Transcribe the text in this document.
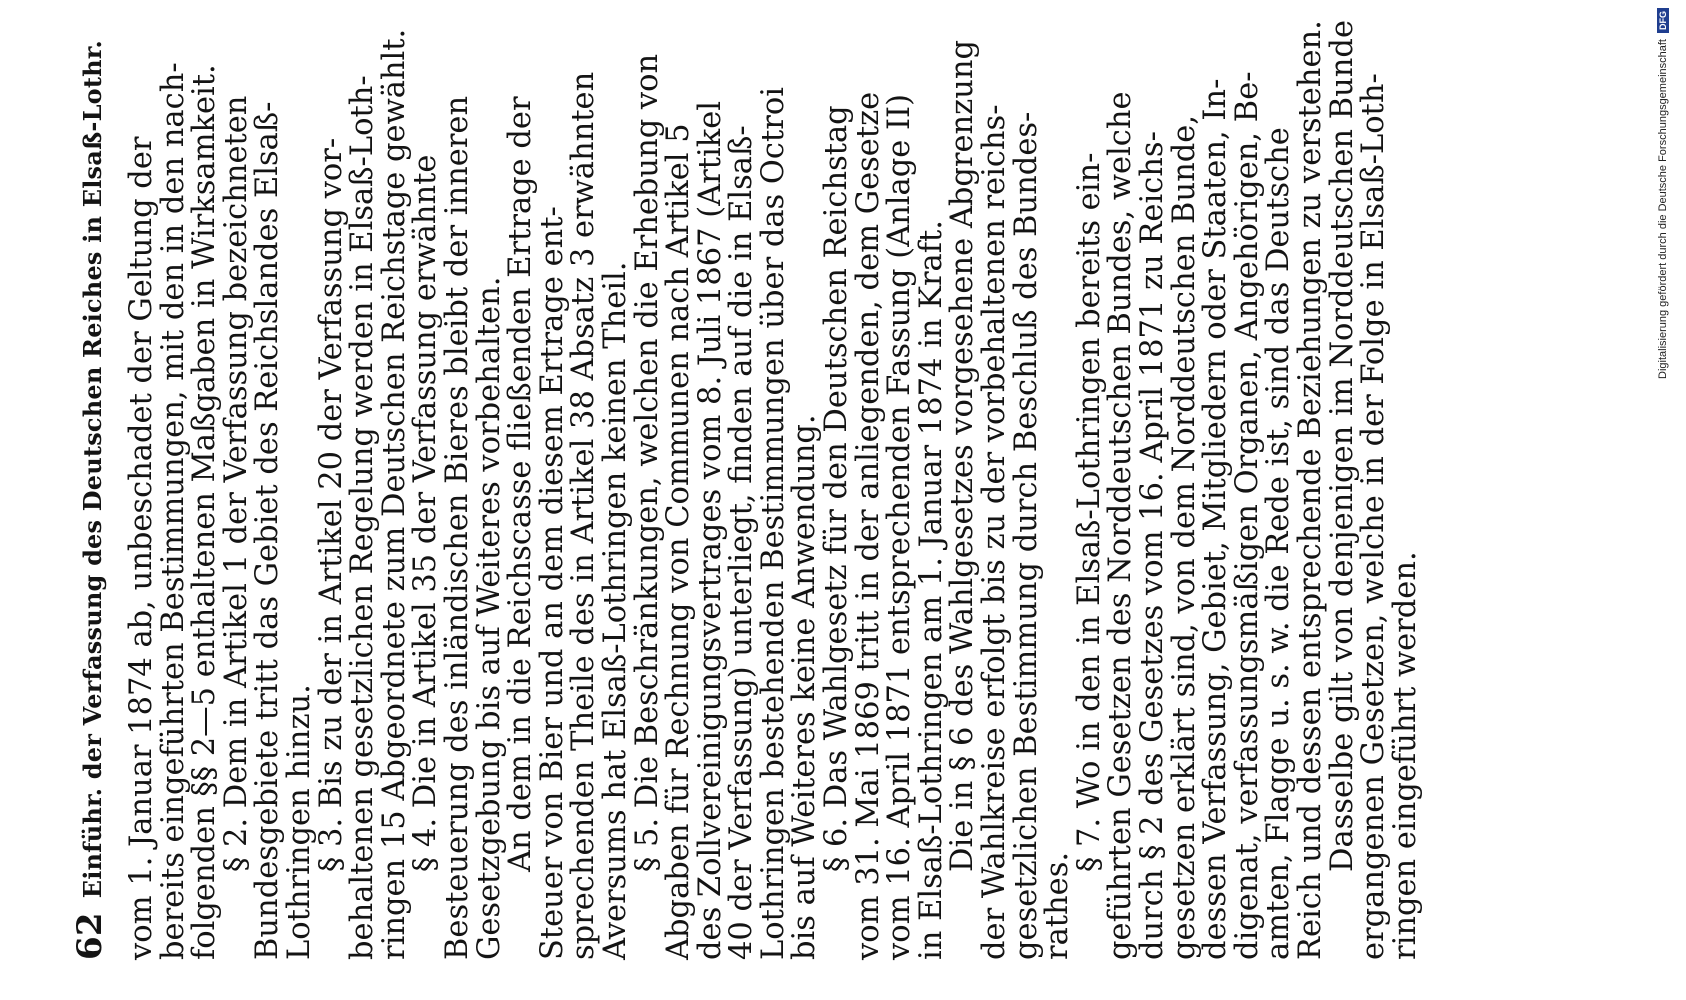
62
Einführ. der Verfassung des Deutschen Reiches in Elsaß-Lothr. vom 1. Januar 1874 ab, unbeschadet der Geltung der
bereits eingeführten Bestimmungen, mit den in den nach-
folgenden §§ 2—5 enthaltenen Maßgaben in Wirksamkeit.

§ 2. Dem in Artikel 1 der Verfassung bezeichneten
Bundesgebiete tritt das Gebiet des Reichslandes Elsaß-
Lothringen hinzu.

§ 3. Bis zu der in Artikel 20 der Verfassung vor-
behaltenen gesetzlichen Regelung werden in Elsaß-Loth-
ringen 15 Abgeordnete zum Deutschen Reichstage gewählt.

§ 4. Die in Artikel 35 der Verfassung erwähnte
Besteuerung des inländischen Bieres bleibt der inneren
Gesetzgebung bis auf Weiteres vorbehalten.

An dem in die Reichscasse fließenden Ertrage der
Steuer von Bier und an dem diesem Ertrage ent-
sprechenden Theile des in Artikel 38 Absatz 3 erwähnten
Aversums hat Elsaß-Lothringen keinen Theil.

§ 5. Die Beschränkungen, welchen die Erhebung von
Abgaben für Rechnung von Communen nach Artikel 5
des Zollvereinigungsvertrages vom 8. Juli 1867 (Artikel
40 der Verfassung) unterliegt, finden auf die in Elsaß-
Lothringen bestehenden Bestimmungen über das Octroi
bis auf Weiteres keine Anwendung.

§ 6. Das Wahlgesetz für den Deutschen Reichstag
vom 31. Mai 1869 tritt in der anliegenden, dem Gesetze
vom 16. April 1871 entsprechenden Fassung (Anlage II)
in Elsaß-Lothringen am 1. Januar 1874 in Kraft.

Die in § 6 des Wahlgesetzes vorgesehene Abgrenzung
der Wahlkreise erfolgt bis zu der vorbehaltenen reichs-
gesetzlichen Bestimmung durch Beschluß des Bundes-
rathes.

§ 7. Wo in den in Elsaß-Lothringen bereits ein-
geführten Gesetzen des Norddeutschen Bundes, welche
durch § 2 des Gesetzes vom 16. April 1871 zu Reichs-
gesetzen erklärt sind, von dem Norddeutschen Bunde,
dessen Verfassung, Gebiet, Mitgliedern oder Staaten, In-
digenat, verfassungsmäßigen Organen, Angehörigen, Be-
amten, Flagge u. s. w. die Rede ist, sind das Deutsche
Reich und dessen entsprechende Beziehungen zu verstehen.

Dasselbe gilt von denjenigen im Norddeutschen Bunde
ergangenen Gesetzen, welche in der Folge in Elsaß-Loth-
ringen eingeführt werden.

Digitalisierung gefördert durch die Deutsche Forschungsgemeinschaft
DFG
